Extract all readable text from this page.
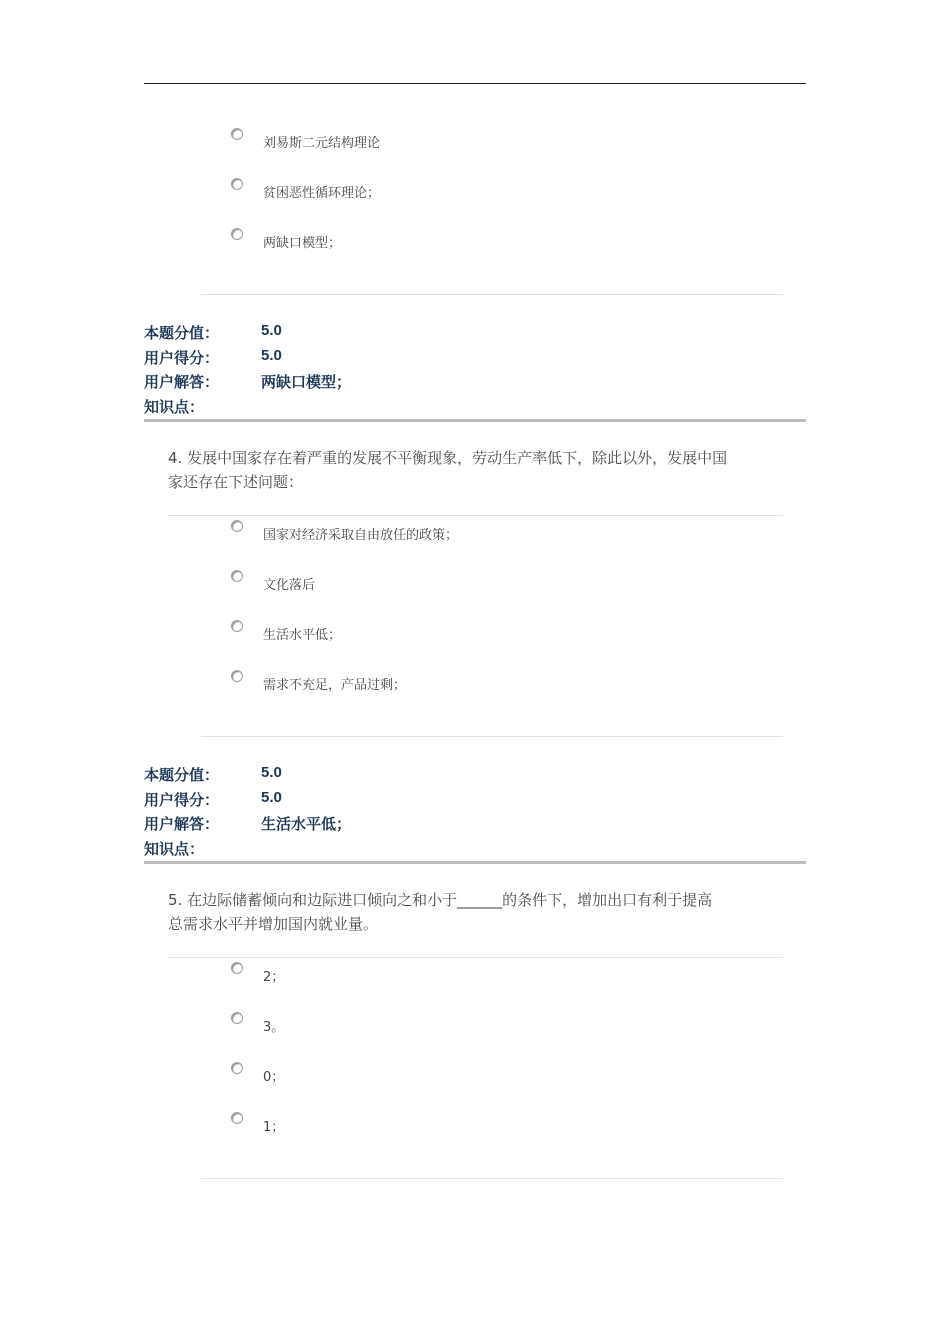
刘易斯二元结构理论
贫困恶性循环理论；
两缺口模型；
本题分值：	5.0
用户得分：	5.0
用户解答：	两缺口模型；
知识点：
4. 发展中国家存在着严重的发展不平衡现象，劳动生产率低下，除此以外，发展中国
家还存在下述问题：
国家对经济采取自由放任的政策；
文化落后
生活水平低；
需求不充足，产品过剩；
本题分值：	5.0
用户得分：	5.0
用户解答：	生活水平低；
知识点：
5. 在边际储蓄倾向和边际进口倾向之和小于______的条件下，增加出口有利于提高
总需求水平并增加国内就业量。
2；
3。
0；
1；
